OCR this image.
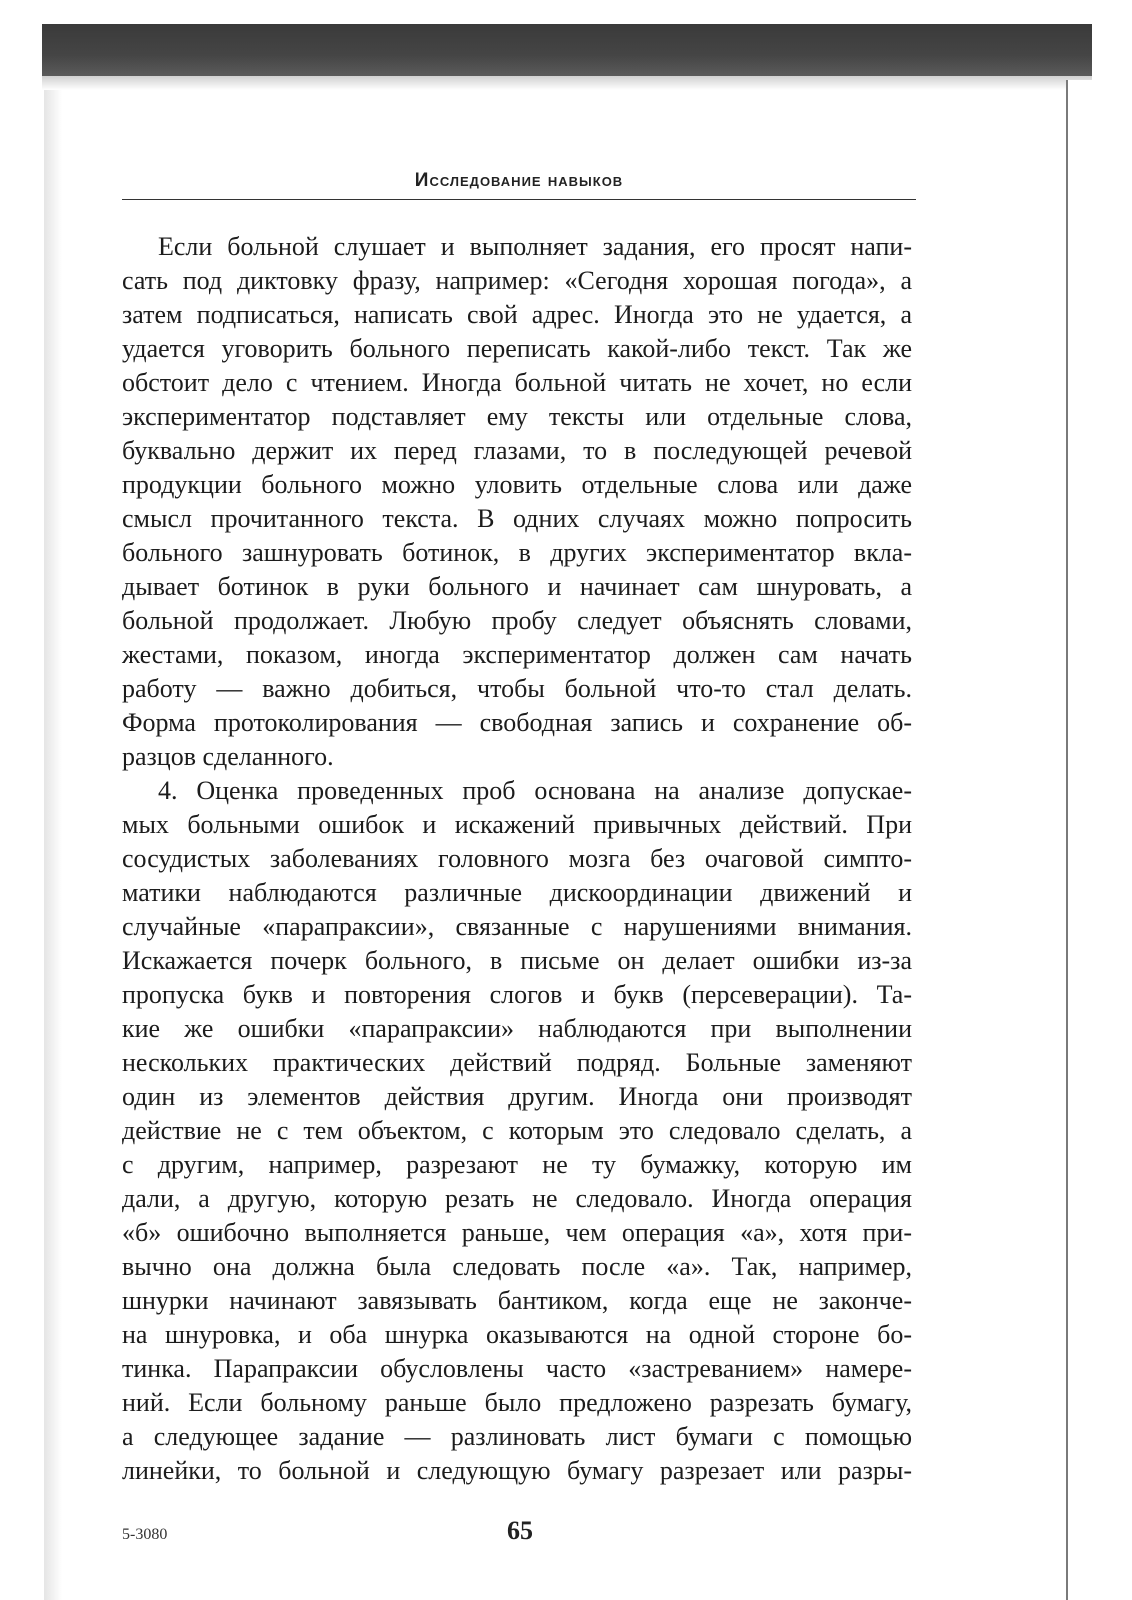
Исследование навыков
Если больной слушает и выполняет задания, его просят напи-
сать под диктовку фразу, например: «Сегодня хорошая погода», а
затем подписаться, написать свой адрес. Иногда это не удается, а
удается уговорить больного переписать какой-либо текст. Так же
обстоит дело с чтением. Иногда больной читать не хочет, но если
экспериментатор подставляет ему тексты или отдельные слова,
буквально держит их перед глазами, то в последующей речевой
продукции больного можно уловить отдельные слова или даже
смысл прочитанного текста. В одних случаях можно попросить
больного зашнуровать ботинок, в других экспериментатор вкла-
дывает ботинок в руки больного и начинает сам шнуровать, а
больной продолжает. Любую пробу следует объяснять словами,
жестами, показом, иногда экспериментатор должен сам начать
работу — важно добиться, чтобы больной что-то стал делать.
Форма протоколирования — свободная запись и сохранение об-
разцов сделанного.
4. Оценка проведенных проб основана на анализе допускае-
мых больными ошибок и искажений привычных действий. При
сосудистых заболеваниях головного мозга без очаговой симпто-
матики наблюдаются различные дискоординации движений и
случайные «парапраксии», связанные с нарушениями внимания.
Искажается почерк больного, в письме он делает ошибки из-за
пропуска букв и повторения слогов и букв (персеверации). Та-
кие же ошибки «парапраксии» наблюдаются при выполнении
нескольких практических действий подряд. Больные заменяют
один из элементов действия другим. Иногда они производят
действие не с тем объектом, с которым это следовало сделать, а
с другим, например, разрезают не ту бумажку, которую им
дали, а другую, которую резать не следовало. Иногда операция
«б» ошибочно выполняется раньше, чем операция «а», хотя при-
вычно она должна была следовать после «а». Так, например,
шнурки начинают завязывать бантиком, когда еще не закончe-
на шнуровка, и оба шнурка оказываются на одной стороне бо-
тинка. Парапраксии обусловлены часто «застреванием» намере-
ний. Если больному раньше было предложено разрезать бумагу,
а следующее задание — разлиновать лист бумаги с помощью
линейки, то больной и следующую бумагу разрезает или разры-
5-3080	65
